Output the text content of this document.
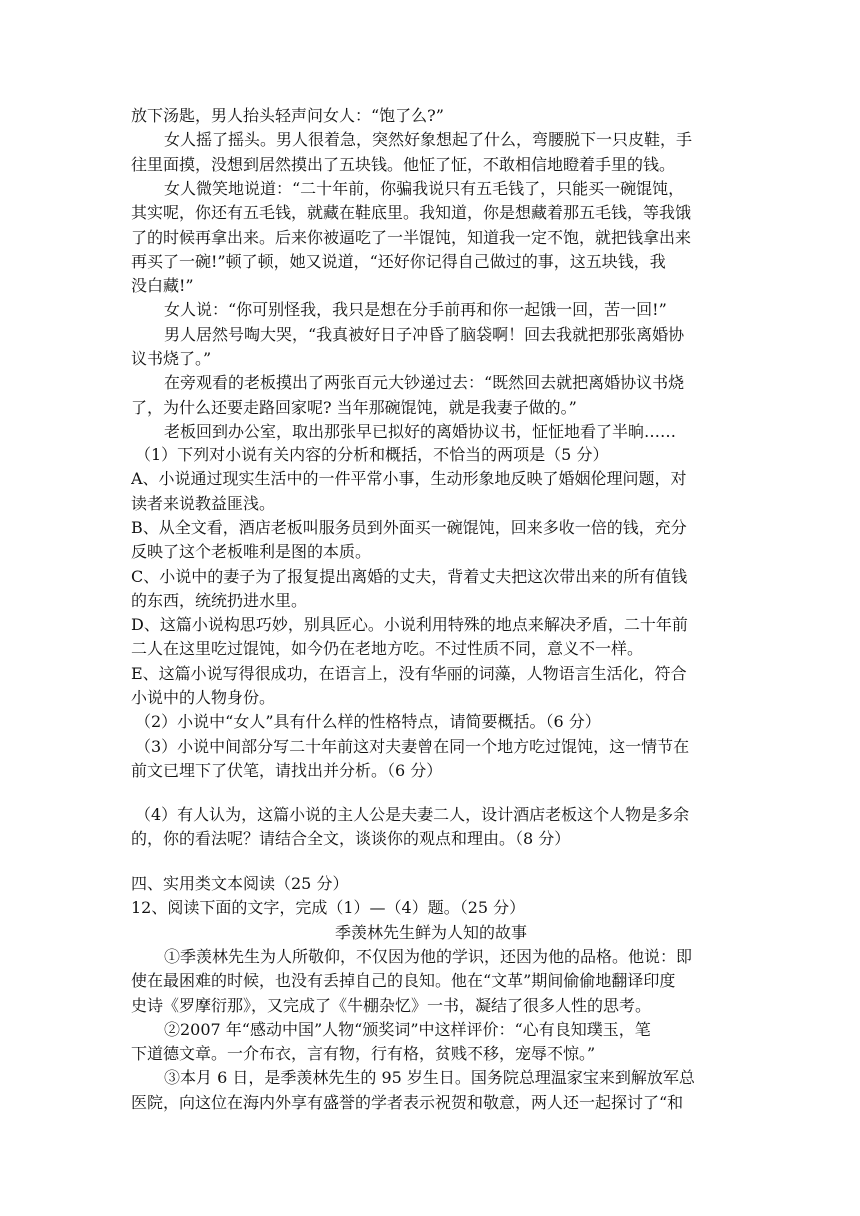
放下汤匙，男人抬头轻声问女人：“饱了么?”
女人摇了摇头。男人很着急，突然好象想起了什么，弯腰脱下一只皮鞋，手
往里面摸，没想到居然摸出了五块钱。他怔了怔，不敢相信地瞪着手里的钱。
女人微笑地说道：“二十年前，你骗我说只有五毛钱了，只能买一碗馄饨，
其实呢，你还有五毛钱，就藏在鞋底里。我知道，你是想藏着那五毛钱，等我饿
了的时候再拿出来。后来你被逼吃了一半馄饨，知道我一定不饱，就把钱拿出来
再买了一碗!”顿了顿，她又说道，“还好你记得自己做过的事，这五块钱，我
没白藏!”
女人说：“你可别怪我，我只是想在分手前再和你一起饿一回，苦一回!”
男人居然号啕大哭，“我真被好日子冲昏了脑袋啊！回去我就把那张离婚协
议书烧了。”
在旁观看的老板摸出了两张百元大钞递过去：“既然回去就把离婚协议书烧
了，为什么还要走路回家呢? 当年那碗馄饨，就是我妻子做的。”
老板回到办公室，取出那张早已拟好的离婚协议书，怔怔地看了半晌……
（1）下列对小说有关内容的分析和概括，不恰当的两项是（5 分）
A、小说通过现实生活中的一件平常小事，生动形象地反映了婚姻伦理问题，对
读者来说教益匪浅。
B、从全文看，酒店老板叫服务员到外面买一碗馄饨，回来多收一倍的钱，充分
反映了这个老板唯利是图的本质。
C、小说中的妻子为了报复提出离婚的丈夫，背着丈夫把这次带出来的所有值钱
的东西，统统扔进水里。
D、这篇小说构思巧妙，别具匠心。小说利用特殊的地点来解决矛盾，二十年前
二人在这里吃过馄饨，如今仍在老地方吃。不过性质不同，意义不一样。
E、这篇小说写得很成功，在语言上，没有华丽的词藻，人物语言生活化，符合
小说中的人物身份。
（2）小说中“女人”具有什么样的性格特点，请简要概括。（6 分）
（3）小说中间部分写二十年前这对夫妻曾在同一个地方吃过馄饨，这一情节在
前文已埋下了伏笔，请找出并分析。（6 分）
（4）有人认为，这篇小说的主人公是夫妻二人，设计酒店老板这个人物是多余
的，你的看法呢？请结合全文，谈谈你的观点和理由。（8 分）
四、实用类文本阅读（25 分）
12、阅读下面的文字，完成（1）—（4）题。（25 分）
季羡林先生鲜为人知的故事
①季羡林先生为人所敬仰，不仅因为他的学识，还因为他的品格。他说：即
使在最困难的时候，也没有丢掉自己的良知。他在“文革”期间偷偷地翻译印度
史诗《罗摩衍那》，又完成了《牛棚杂忆》一书，凝结了很多人性的思考。
②2007 年“感动中国”人物“颁奖词”中这样评价：“心有良知璞玉，笔
下道德文章。一介布衣，言有物，行有格，贫贱不移，宠辱不惊。”
③本月 6 日，是季羡林先生的 95 岁生日。国务院总理温家宝来到解放军总
医院，向这位在海内外享有盛誉的学者表示祝贺和敬意，两人还一起探讨了“和
